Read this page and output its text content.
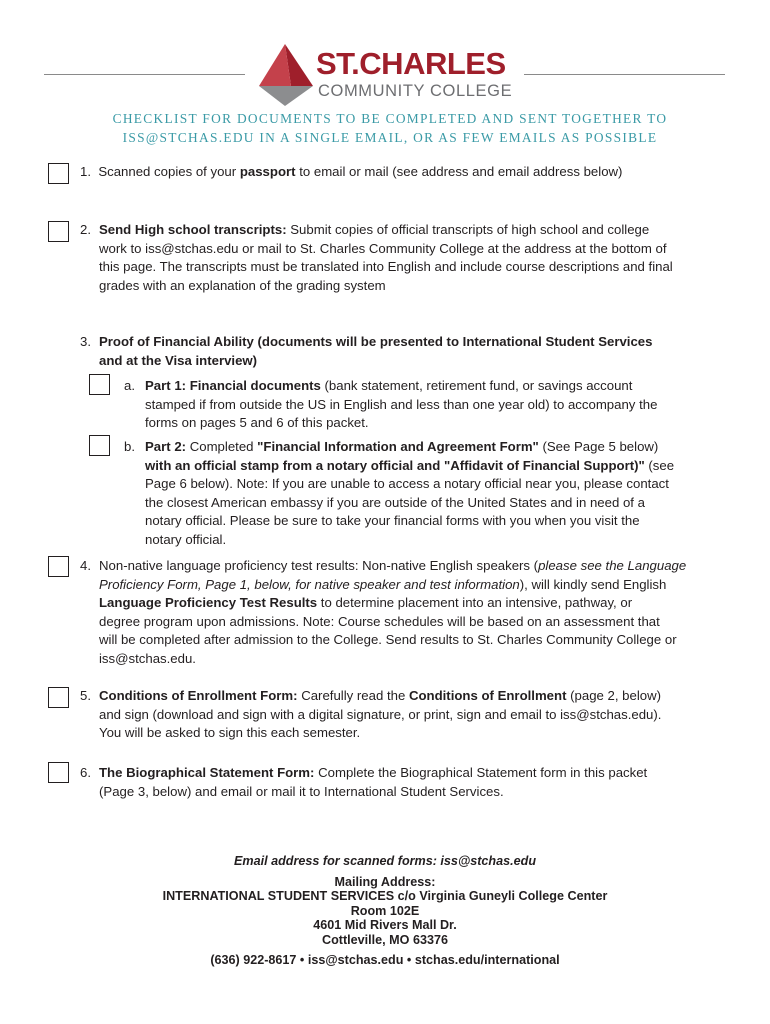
ST.CHARLES
COMMUNITY COLLEGE
CHECKLIST FOR DOCUMENTS TO BE COMPLETED AND SENT TOGETHER TO
ISS@STCHAS.EDU IN A SINGLE EMAIL, OR AS FEW EMAILS AS POSSIBLE
1. Scanned copies of your passport to email or mail (see address and email address below)
2. Send High school transcripts: Submit copies of official transcripts of high school and college
work to iss@stchas.edu or mail to St. Charles Community College at the address at the bottom of
this page. The transcripts must be translated into English and include course descriptions and final
grades with an explanation of the grading system
3. Proof of Financial Ability (documents will be presented to International Student Services
and at the Visa interview)
a. Part 1: Financial documents (bank statement, retirement fund, or savings account
stamped if from outside the US in English and less than one year old) to accompany the
forms on pages 5 and 6 of this packet.
b. Part 2: Completed "Financial Information and Agreement Form" (See Page 5 below)
with an official stamp from a notary official and "Affidavit of Financial Support)" (see
Page 6 below). Note: If you are unable to access a notary official near you, please contact
the closest American embassy if you are outside of the United States and in need of a
notary official. Please be sure to take your financial forms with you when you visit the
notary official.
4. Non-native language proficiency test results: Non-native English speakers (please see the Language
Proficiency Form, Page 1, below, for native speaker and test information), will kindly send English
Language Proficiency Test Results to determine placement into an intensive, pathway, or
degree program upon admissions. Note: Course schedules will be based on an assessment that
will be completed after admission to the College. Send results to St. Charles Community College or
iss@stchas.edu.
5. Conditions of Enrollment Form: Carefully read the Conditions of Enrollment (page 2, below)
and sign (download and sign with a digital signature, or print, sign and email to iss@stchas.edu).
You will be asked to sign this each semester.
6. The Biographical Statement Form: Complete the Biographical Statement form in this packet
(Page 3, below) and email or mail it to International Student Services.
Email address for scanned forms: iss@stchas.edu
Mailing Address:
INTERNATIONAL STUDENT SERVICES c/o Virginia Guneyli College Center
Room 102E
4601 Mid Rivers Mall Dr.
Cottleville, MO 63376
(636) 922-8617 • iss@stchas.edu • stchas.edu/international
